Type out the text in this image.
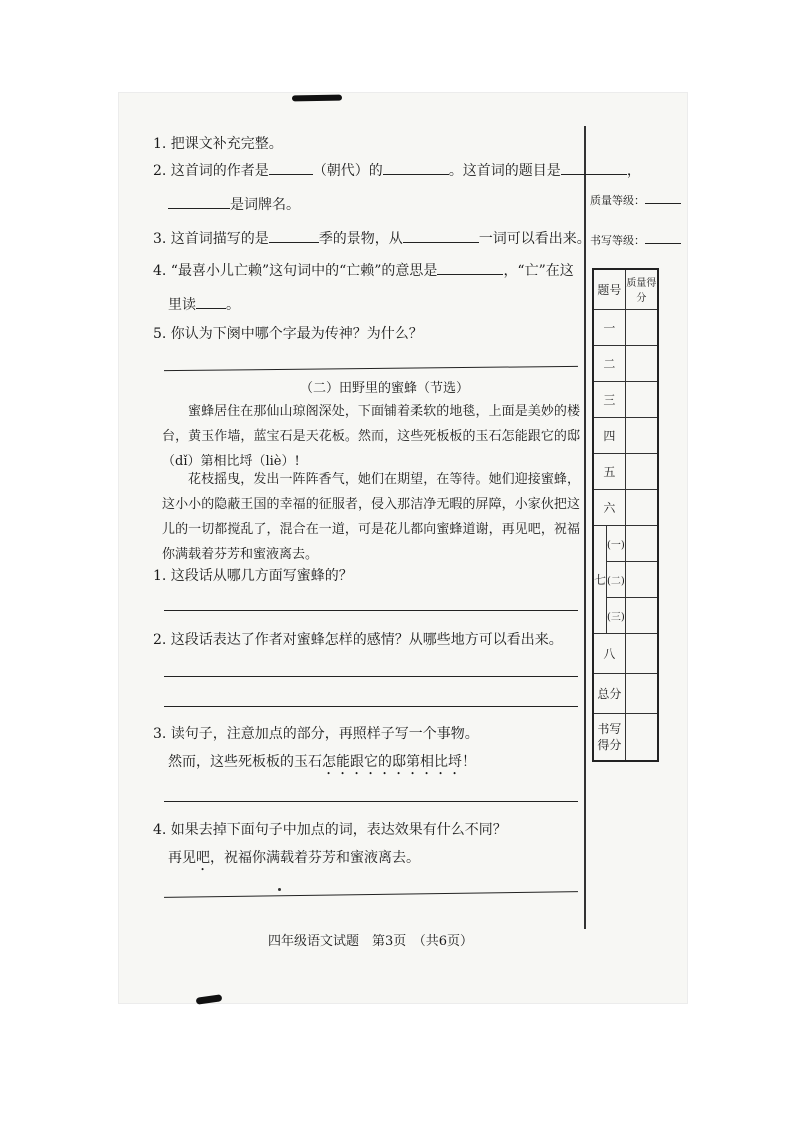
1. 把课文补充完整。
2. 这首词的作者是	（朝代）的	。这首词的题目是	，
是词牌名。
3. 这首词描写的是	季的景物，从	一词可以看出来。
4. “最喜小儿亡赖”这句词中的“亡赖”的意思是	，“亡”在这
里读 。
5. 你认为下阕中哪个字最为传神？为什么？
（二）田野里的蜜蜂（节选）

蜜蜂居住在那仙山琼阁深处，下面铺着柔软的地毯，上面是美妙的楼台，黄玉作墙，蓝宝石是天花板。然而，这些死板板的玉石怎能跟它的邸（dǐ）第相比埒（liè）!

花枝摇曳，发出一阵阵香气，她们在期望，在等待。她们迎接蜜蜂，这小小的隐蔽王国的幸福的征服者，侵入那洁净无暇的屏障，小家伙把这儿的一切都搅乱了，混合在一道，可是花儿都向蜜蜂道谢，再见吧，祝福你满载着芬芳和蜜液离去。

1. 这段话从哪几方面写蜜蜂的？
2. 这段话表达了作者对蜜蜂怎样的感情？从哪些地方可以看出来。
3. 读句子，注意加点的部分，再照样子写一个事物。
然而，这些死板板的玉石怎能跟它的邸第相比埒！
4. 如果去掉下面句子中加点的词，表达效果有什么不同？
再见吧，祝福你满载着芬芳和蜜液离去。
质量等级：
书写等级：
题号		质量得分
一		
二		
三		
四		
五		
六		
七	(一)	
	(二)	
	(三)	
八		
总分		
书写得分		
四年级语文试题　第3页　（共6页）
